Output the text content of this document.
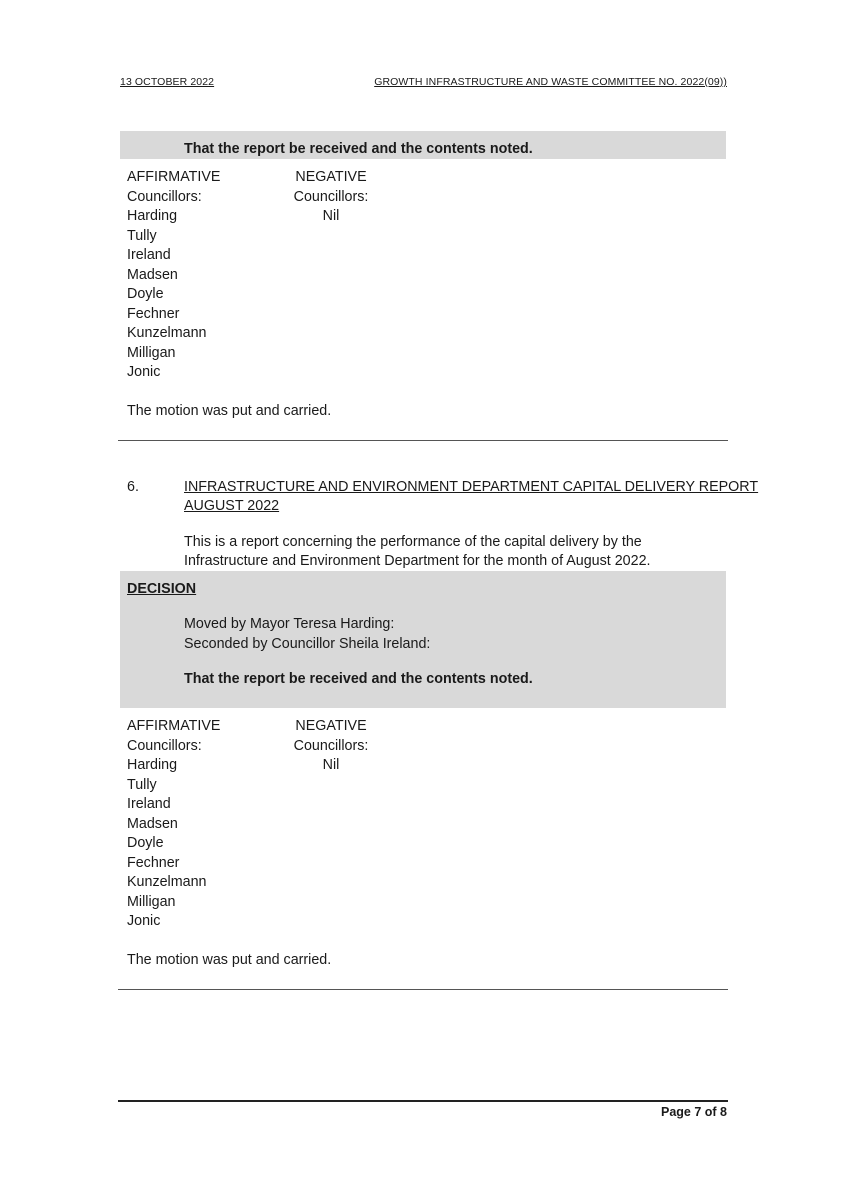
13 OCTOBER 2022	GROWTH INFRASTRUCTURE AND WASTE COMMITTEE NO. 2022(09))
That the report be received and the contents noted.
AFFIRMATIVE
Councillors:
Harding
Tully
Ireland
Madsen
Doyle
Fechner
Kunzelmann
Milligan
Jonic
NEGATIVE
Councillors:
Nil
The motion was put and carried.
6.	INFRASTRUCTURE AND ENVIRONMENT DEPARTMENT CAPITAL DELIVERY REPORT
AUGUST 2022
This is a report concerning the performance of the capital delivery by the
Infrastructure and Environment Department for the month of August 2022.
DECISION
Moved by Mayor Teresa Harding:
Seconded by Councillor Sheila Ireland:
That the report be received and the contents noted.
AFFIRMATIVE
Councillors:
Harding
Tully
Ireland
Madsen
Doyle
Fechner
Kunzelmann
Milligan
Jonic
NEGATIVE
Councillors:
Nil
The motion was put and carried.
Page 7 of 8
